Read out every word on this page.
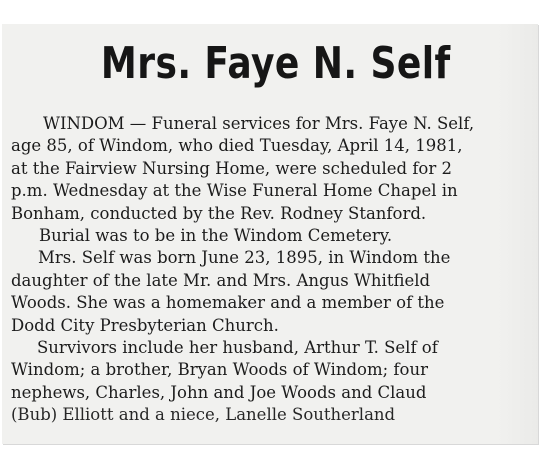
Mrs. Faye N. Self
WINDOM — Funeral services for Mrs. Faye N. Self,
age 85, of Windom, who died Tuesday, April 14, 1981,
at the Fairview Nursing Home, were scheduled for 2
p.m. Wednesday at the Wise Funeral Home Chapel in
Bonham, conducted by the Rev. Rodney Stanford.
Burial was to be in the Windom Cemetery.
Mrs. Self was born June 23, 1895, in Windom the
daughter of the late Mr. and Mrs. Angus Whitfield
Woods. She was a homemaker and a member of the
Dodd City Presbyterian Church.
Survivors include her husband, Arthur T. Self of
Windom; a brother, Bryan Woods of Windom; four
nephews, Charles, John and Joe Woods and Claud
(Bub) Elliott and a niece, Lanelle Southerland
